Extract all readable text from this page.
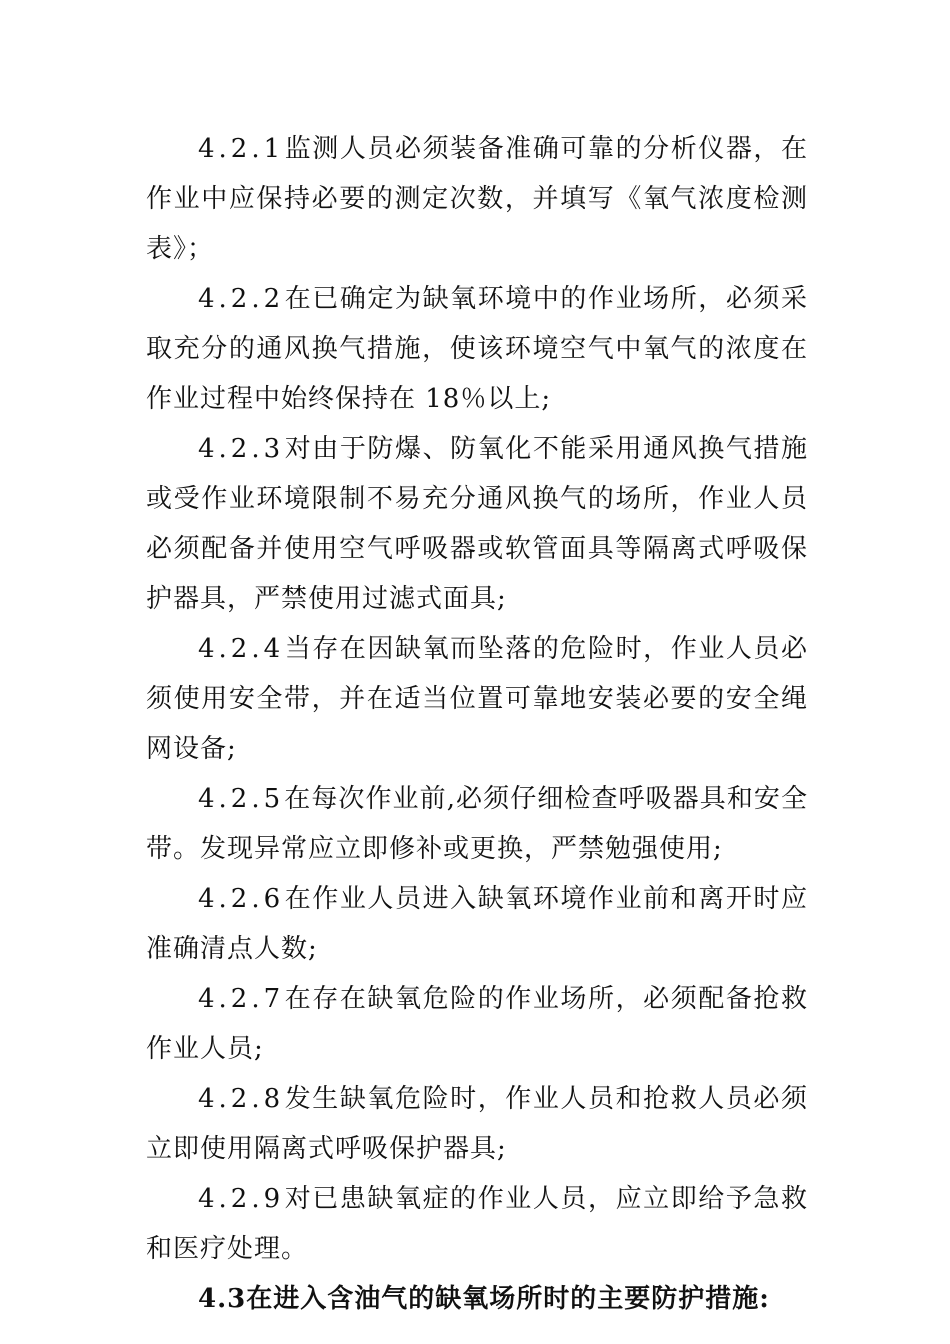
4.2.1监测人员必须装备准确可靠的分析仪器，在作业中应保持必要的测定次数，并填写《氧气浓度检测表》；

4.2.2在已确定为缺氧环境中的作业场所，必须采取充分的通风换气措施，使该环境空气中氧气的浓度在作业过程中始终保持在 18％以上;

4.2.3对由于防爆、防氧化不能采用通风换气措施或受作业环境限制不易充分通风换气的场所，作业人员必须配备并使用空气呼吸器或软管面具等隔离式呼吸保护器具，严禁使用过滤式面具;

4.2.4当存在因缺氧而坠落的危险时，作业人员必须使用安全带，并在适当位置可靠地安装必要的安全绳网设备;

4.2.5在每次作业前,必须仔细检查呼吸器具和安全带。发现异常应立即修补或更换，严禁勉强使用;

4.2.6在作业人员进入缺氧环境作业前和离开时应准确清点人数;

4.2.7在存在缺氧危险的作业场所，必须配备抢救作业人员;

4.2.8发生缺氧危险时，作业人员和抢救人员必须立即使用隔离式呼吸保护器具;

4.2.9对已患缺氧症的作业人员，应立即给予急救和医疗处理。

4.3在进入含油气的缺氧场所时的主要防护措施:
